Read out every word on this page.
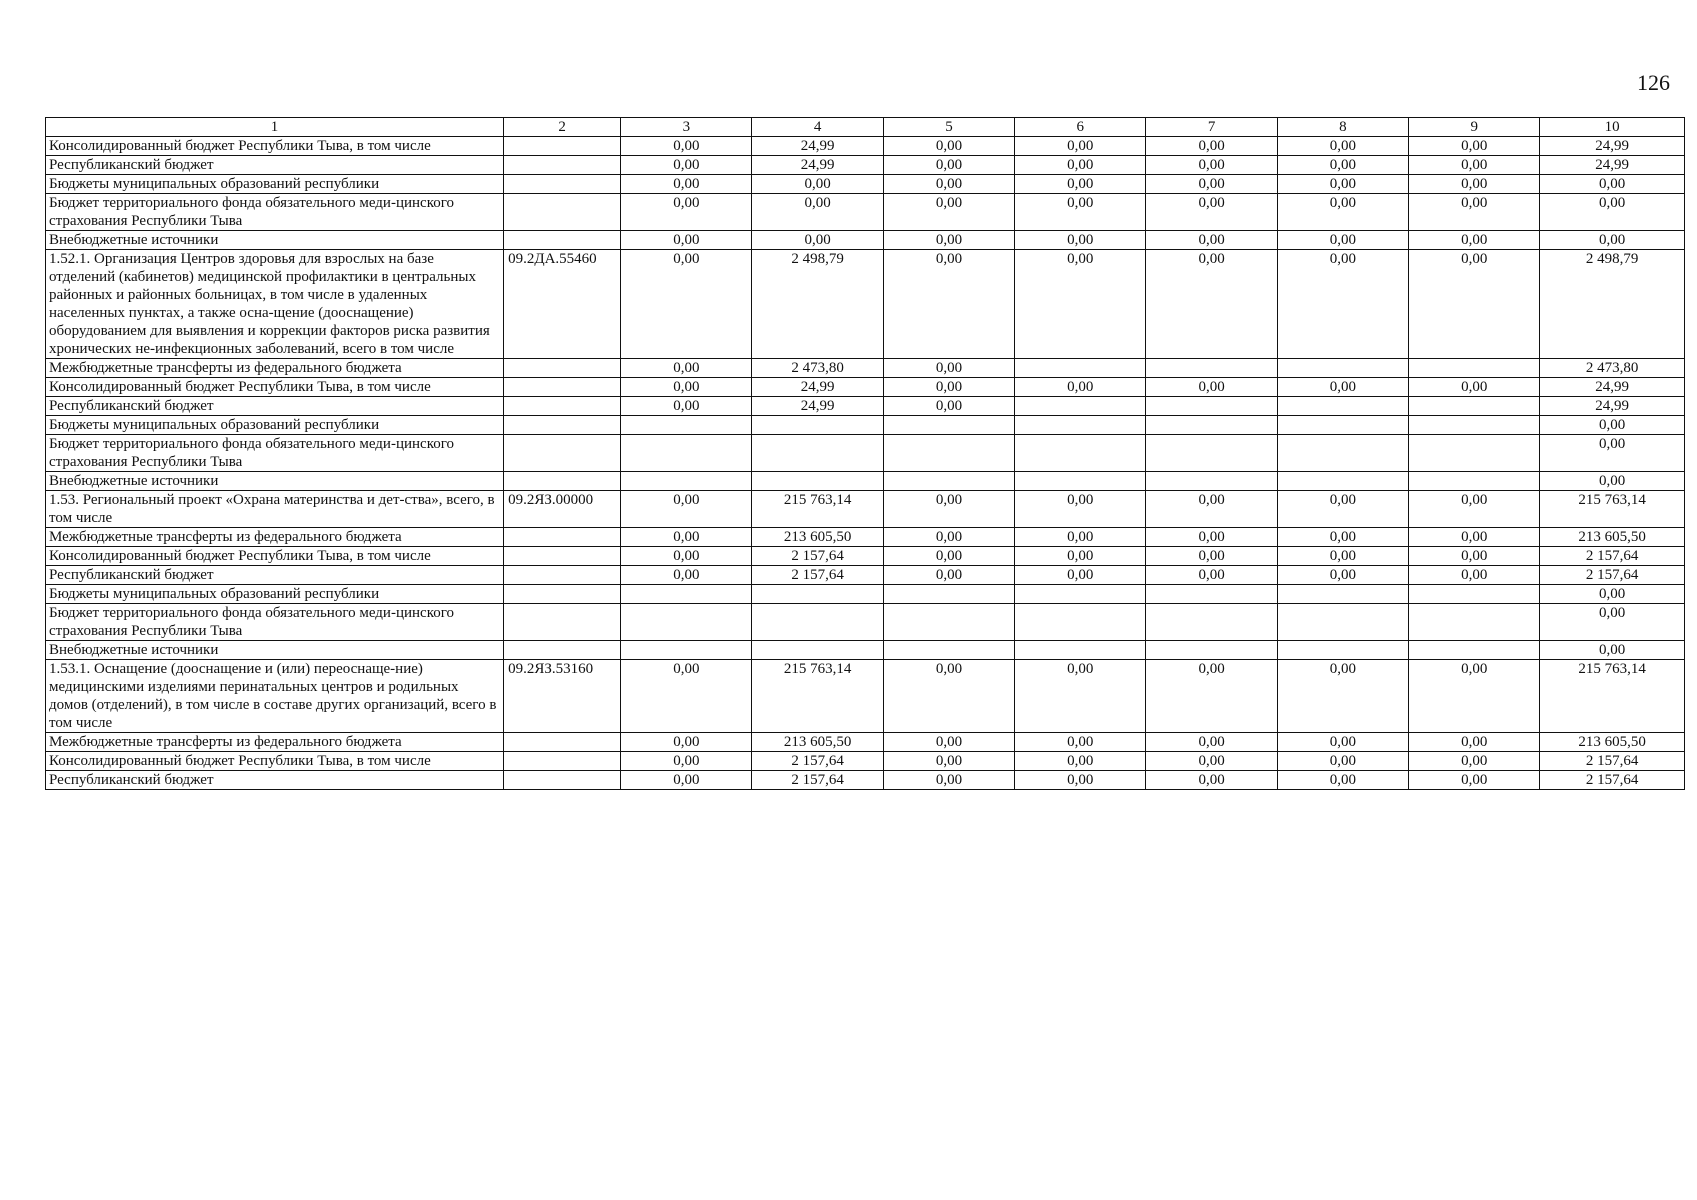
126
1	2	3	4	5	6	7	8	9	10
Консолидированный бюджет Республики Тыва, в том числе		0,00	24,99	0,00	0,00	0,00	0,00	0,00	24,99
Республиканский бюджет		0,00	24,99	0,00	0,00	0,00	0,00	0,00	24,99
Бюджеты муниципальных образований республики		0,00	0,00	0,00	0,00	0,00	0,00	0,00	0,00
Бюджет территориального фонда обязательного меди-цинского страхования Республики Тыва		0,00	0,00	0,00	0,00	0,00	0,00	0,00	0,00
Внебюджетные источники		0,00	0,00	0,00	0,00	0,00	0,00	0,00	0,00
1.52.1. Организация Центров здоровья для взрослых на базе отделений (кабинетов) медицинской профилактики в центральных районных и районных больницах, в том числе в удаленных населенных пунктах, а также осна-щение (дооснащение) оборудованием для выявления и коррекции факторов риска развития хронических не-инфекционных заболеваний, всего в том числе	09.2ДА.55460	0,00	2 498,79	0,00	0,00	0,00	0,00	0,00	2 498,79
Межбюджетные трансферты из федерального бюджета		0,00	2 473,80	0,00					2 473,80
Консолидированный бюджет Республики Тыва, в том числе		0,00	24,99	0,00	0,00	0,00	0,00	0,00	24,99
Республиканский бюджет		0,00	24,99	0,00					24,99
Бюджеты муниципальных образований республики									0,00
Бюджет территориального фонда обязательного меди-цинского страхования Республики Тыва									0,00
Внебюджетные источники									0,00
1.53. Региональный проект «Охрана материнства и дет-ства», всего, в том числе	09.2ЯЗ.00000	0,00	215 763,14	0,00	0,00	0,00	0,00	0,00	215 763,14
Межбюджетные трансферты из федерального бюджета		0,00	213 605,50	0,00	0,00	0,00	0,00	0,00	213 605,50
Консолидированный бюджет Республики Тыва, в том числе		0,00	2 157,64	0,00	0,00	0,00	0,00	0,00	2 157,64
Республиканский бюджет		0,00	2 157,64	0,00	0,00	0,00	0,00	0,00	2 157,64
Бюджеты муниципальных образований республики									0,00
Бюджет территориального фонда обязательного меди-цинского страхования Республики Тыва									0,00
Внебюджетные источники									0,00
1.53.1. Оснащение (дооснащение и (или) переоснаще-ние) медицинскими изделиями перинатальных центров и родильных домов (отделений), в том числе в составе других организаций, всего в том числе	09.2ЯЗ.53160	0,00	215 763,14	0,00	0,00	0,00	0,00	0,00	215 763,14
Межбюджетные трансферты из федерального бюджета		0,00	213 605,50	0,00	0,00	0,00	0,00	0,00	213 605,50
Консолидированный бюджет Республики Тыва, в том числе		0,00	2 157,64	0,00	0,00	0,00	0,00	0,00	2 157,64
Республиканский бюджет		0,00	2 157,64	0,00	0,00	0,00	0,00	0,00	2 157,64
